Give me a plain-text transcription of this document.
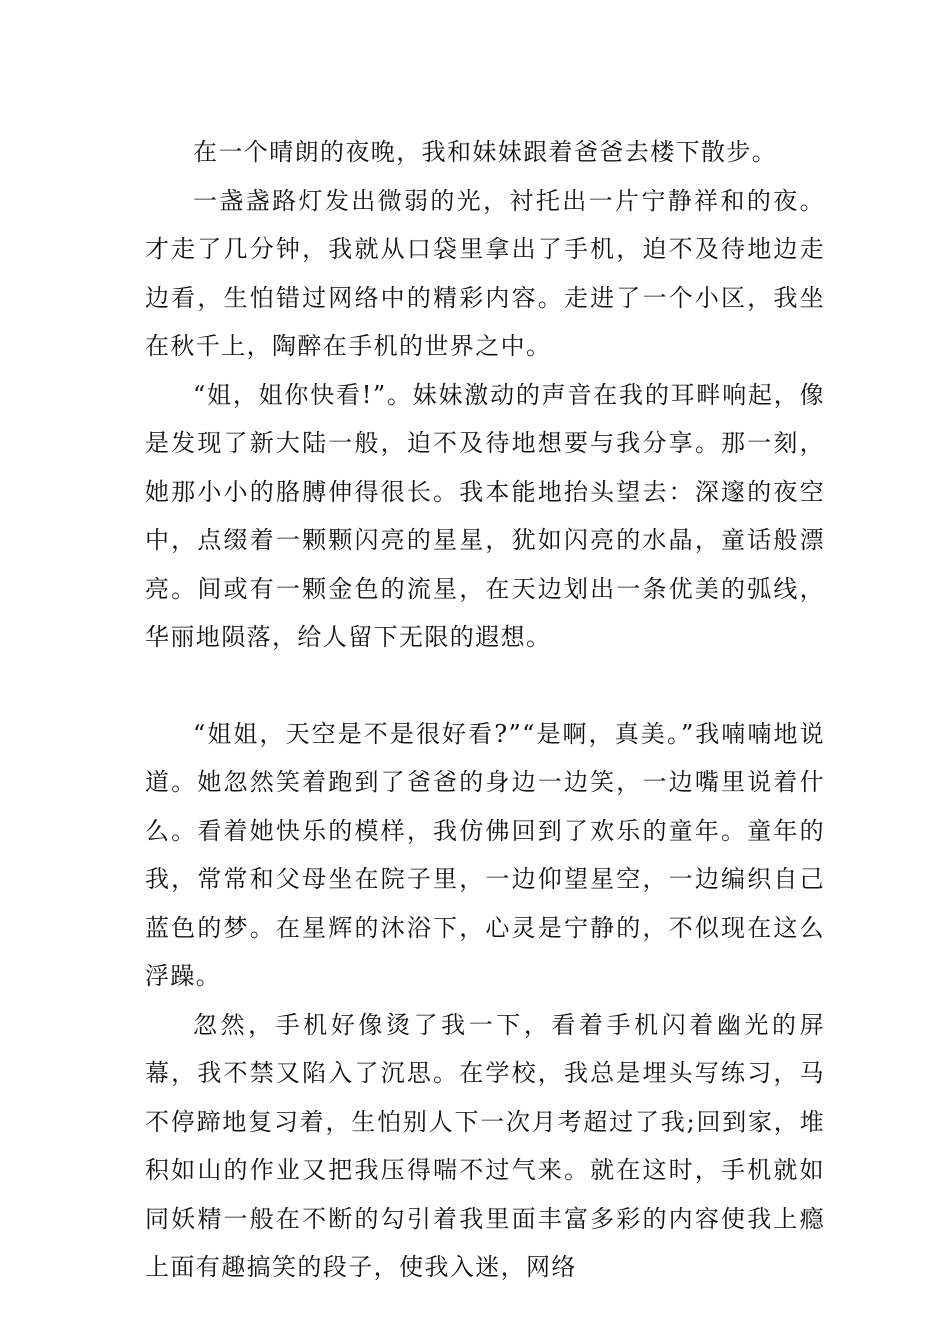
在一个晴朗的夜晚，我和妹妹跟着爸爸去楼下散步。

一盏盏路灯发出微弱的光，衬托出一片宁静祥和的夜。才走了几分钟，我就从口袋里拿出了手机，迫不及待地边走边看，生怕错过网络中的精彩内容。走进了一个小区，我坐在秋千上，陶醉在手机的世界之中。

“姐，姐你快看!”。妹妹激动的声音在我的耳畔响起，像是发现了新大陆一般，迫不及待地想要与我分享。那一刻，她那小小的胳膊伸得很长。我本能地抬头望去：深邃的夜空中，点缀着一颗颗闪亮的星星，犹如闪亮的水晶，童话般漂亮。间或有一颗金色的流星，在天边划出一条优美的弧线，华丽地陨落，给人留下无限的遐想。

“姐姐，天空是不是很好看?”“是啊，真美。”我喃喃地说道。她忽然笑着跑到了爸爸的身边一边笑，一边嘴里说着什么。看着她快乐的模样，我仿佛回到了欢乐的童年。童年的我，常常和父母坐在院子里，一边仰望星空，一边编织自己蓝色的梦。在星辉的沐浴下，心灵是宁静的，不似现在这么浮躁。

忽然，手机好像烫了我一下，看着手机闪着幽光的屏幕，我不禁又陷入了沉思。在学校，我总是埋头写练习，马不停蹄地复习着，生怕别人下一次月考超过了我;回到家，堆积如山的作业又把我压得喘不过气来。就在这时，手机就如同妖精一般在不断的勾引着我里面丰富多彩的内容使我上瘾上面有趣搞笑的段子，使我入迷，网络
